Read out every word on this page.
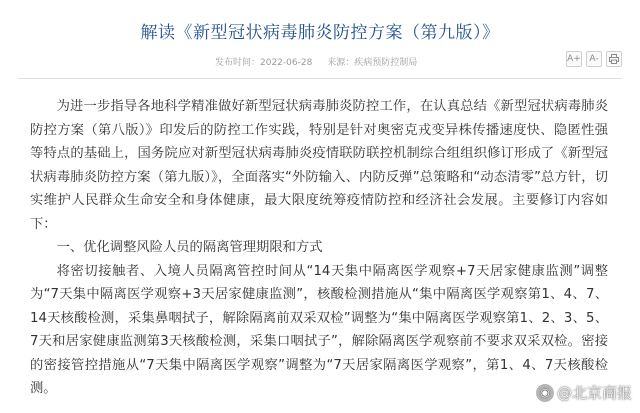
解读《新型冠状病毒肺炎防控方案（第九版）》
发布时间：2022-06-28 来源：疾病预防控制局	A+ A-

为进一步指导各地科学精准做好新型冠状病毒肺炎防控工作，在认真总结《新型冠状病毒肺炎防控方案（第八版）》印发后的防控工作实践，特别是针对奥密克戎变异株传播速度快、隐匿性强等特点的基础上，国务院应对新型冠状病毒肺炎疫情联防联控机制综合组组织修订形成了《新型冠状病毒肺炎防控方案（第九版）》，全面落实“外防输入、内防反弹”总策略和“动态清零”总方针，切实维护人民群众生命安全和身体健康，最大限度统筹疫情防控和经济社会发展。主要修订内容如下：

一、优化调整风险人员的隔离管理期限和方式

将密切接触者、入境人员隔离管控时间从“14天集中隔离医学观察+7天居家健康监测”调整为“7天集中隔离医学观察+3天居家健康监测”，核酸检测措施从“集中隔离医学观察第1、4、7、14天核酸检测，采集鼻咽拭子，解除隔离前双采双检”调整为“集中隔离医学观察第1、2、3、5、7天和居家健康监测第3天核酸检测，采集口咽拭子”，解除隔离医学观察前不要求双采双检。密接的密接管控措施从“7天集中隔离医学观察”调整为“7天居家隔离医学观察”，第1、4、7天核酸检测。	◉ @北京商报
